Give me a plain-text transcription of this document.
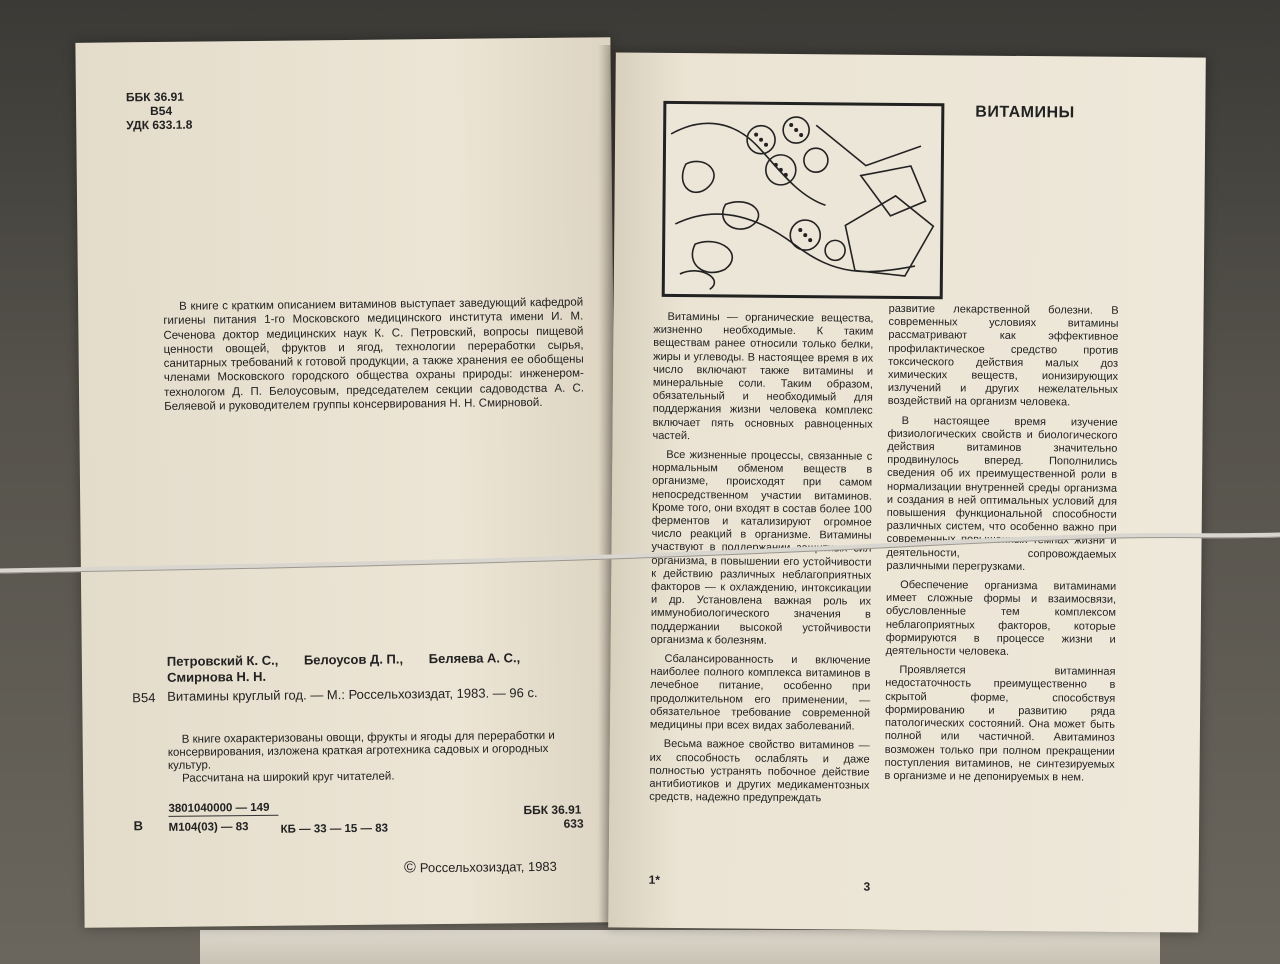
ББК 36.91
В54
УДК 633.1.8

В книге с кратким описанием витаминов выступает заведующий кафедрой гигиены питания 1-го Московского медицинского института имени И. М. Сеченова доктор медицинских наук К. С. Петровский, вопросы пищевой ценности овощей, фруктов и ягод, технологии переработки сырья, санитарных требований к готовой продукции, а также хранения ее обобщены членами Московского городского общества охраны природы: инженером-технологом Д. П. Белоусовым, председателем секции садоводства А. С. Беляевой и руководителем группы консервирования Н. Н. Смирновой.

Петровский К. С., Белоусов Д. П., Беляева А. С.,
Смирнова Н. Н.
В54 Витамины круглый год. — М.: Россельхозиздат, 1983. — 96 с.

В книге охарактеризованы овощи, фрукты и ягоды для переработки и консервирования, изложена краткая агротехника садовых и огородных культур.

Рассчитана на широкий круг читателей.

В
3801040000 — 149
М104(03) — 83	КБ — 33 — 15 — 83
ББК 36.91
633
© Россельхозиздат, 1983
ВИТАМИНЫ

Витамины — органические вещества, жизненно необходимые. К таким веществам ранее относили только белки, жиры и углеводы. В настоящее время в их число включают также витамины и минеральные соли. Таким образом, обязательный и необходимый для поддержания жизни человека комплекс включает пять основных равноценных частей.

Все жизненные процессы, связанные с нормальным обменом веществ в организме, происходят при самом непосредственном участии витаминов. Кроме того, они входят в состав более 100 ферментов и катализируют огромное число реакций в организме. Витамины участвуют в поддержании защитных сил организма, в повышении его устойчивости к действию различных неблагоприятных факторов — к охлаждению, интоксикации и др. Установлена важная роль их иммунобиологического значения в поддержании высокой устойчивости организма к болезням.

Сбалансированность и включение наиболее полного комплекса витаминов в лечебное питание, особенно при продолжительном его применении, — обязательное требование современной медицины при всех видах заболеваний.

Весьма важное свойство витаминов — их способность ослаблять и даже полностью устранять побочное действие антибиотиков и других медикаментозных средств, надежно предупреждать

развитие лекарственной болезни. В современных условиях витамины рассматривают как эффективное профилактическое средство против токсического действия малых доз химических веществ, ионизирующих излучений и других нежелательных воздействий на организм человека.

В настоящее время изучение физиологических свойств и биологического действия витаминов значительно продвинулось вперед. Пополнились сведения об их преимущественной роли в нормализации внутренней среды организма и создания в ней оптимальных условий для повышения функциональной способности различных систем, что особенно важно при современных повышенных темпах жизни и деятельности, сопровождаемых различными перегрузками.

Обеспечение организма витаминами имеет сложные формы и взаимосвязи, обусловленные тем комплексом неблагоприятных факторов, которые формируются в процессе жизни и деятельности человека.

Проявляется витаминная недостаточность преимущественно в скрытой форме, способствуя формированию и развитию ряда патологических состояний. Она может быть полной или частичной. Авитаминоз возможен только при полном прекращении поступления витаминов, не синтезируемых в организме и не депонируемых в нем.

1*	3
